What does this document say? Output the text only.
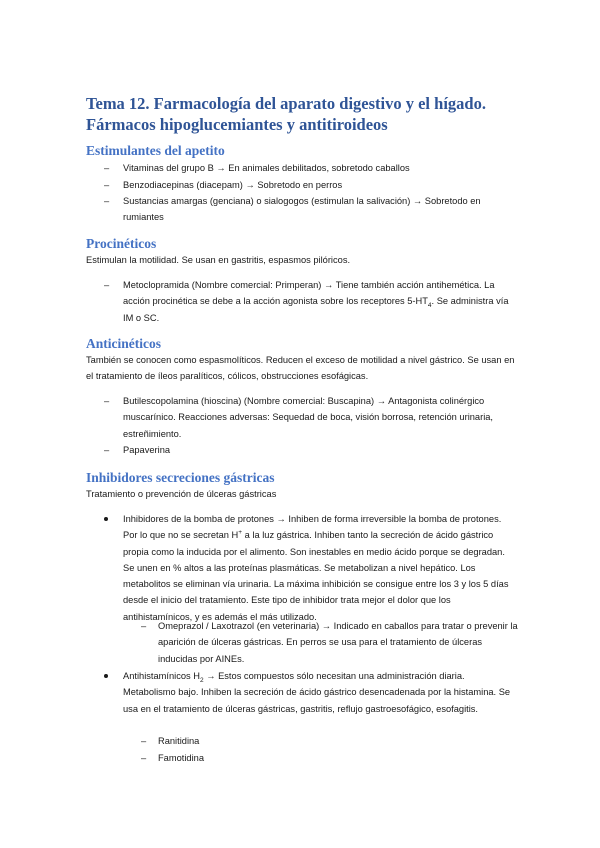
Tema 12. Farmacología del aparato digestivo y el hígado.
Fármacos hipoglucemiantes y antitiroideos
Estimulantes del apetito
– Vitaminas del grupo B → En animales debilitados, sobretodo caballos

– Benzodiacepinas (diacepam) → Sobretodo en perros

– Sustancias amargas (genciana) o sialogogos (estimulan la salivación) → Sobretodo en rumiantes

Procinéticos

Estimulan la motilidad. Se usan en gastritis, espasmos pilóricos.

– Metoclopramida (Nombre comercial: Primperan) → Tiene también acción antihemética. La acción procinética se debe a la acción agonista sobre los receptores $5-HT_4$. Se administra vía IM o SC.

Anticinéticos

También se conocen como espasmolíticos. Reducen el exceso de motilidad a nivel gástrico. Se usan en el tratamiento de íleos paralíticos, cólicos, obstrucciones esofágicas.

– Butilescopolamina (hioscina) (Nombre comercial: Buscapina) → Antagonista colinérgico muscarínico. Reacciones adversas: Sequedad de boca, visión borrosa, retención urinaria, estreñimiento.

– Papaverina

Inhibidores secreciones gástricas

Tratamiento o prevención de úlceras gástricas

Inhibidores de la bomba de protones → Inhiben de forma irreversible la bomba de protones. Por lo que no se secretan H+ a la luz gástrica. Inhiben tanto la secreción de ácido gástrico propia como la inducida por el alimento. Son inestables en medio ácido porque se degradan. Se unen en % altos a las proteínas plasmáticas. Se metabolizan a nivel hepático. Los metabolitos se eliminan vía urinaria. La máxima inhibición se consigue entre los 3 y los 5 días desde el inicio del tratamiento. Este tipo de inhibidor trata mejor el dolor que los antihistamínicos, y es además el más utilizado.

– Omeprazol / Laxotrazol (en veterinaria) → Indicado en caballos para tratar o prevenir la aparición de úlceras gástricas. En perros se usa para el tratamiento de úlceras inducidas por AINEs.

Antihistamínicos $H_2$ → Estos compuestos sólo necesitan una administración diaria. Metabolismo bajo. Inhiben la secreción de ácido gástrico desencadenada por la histamina. Se usa en el tratamiento de úlceras gástricas, gastritis, reflujo gastroesofágico, esofagitis.

– Ranitidina

– Famotidina
